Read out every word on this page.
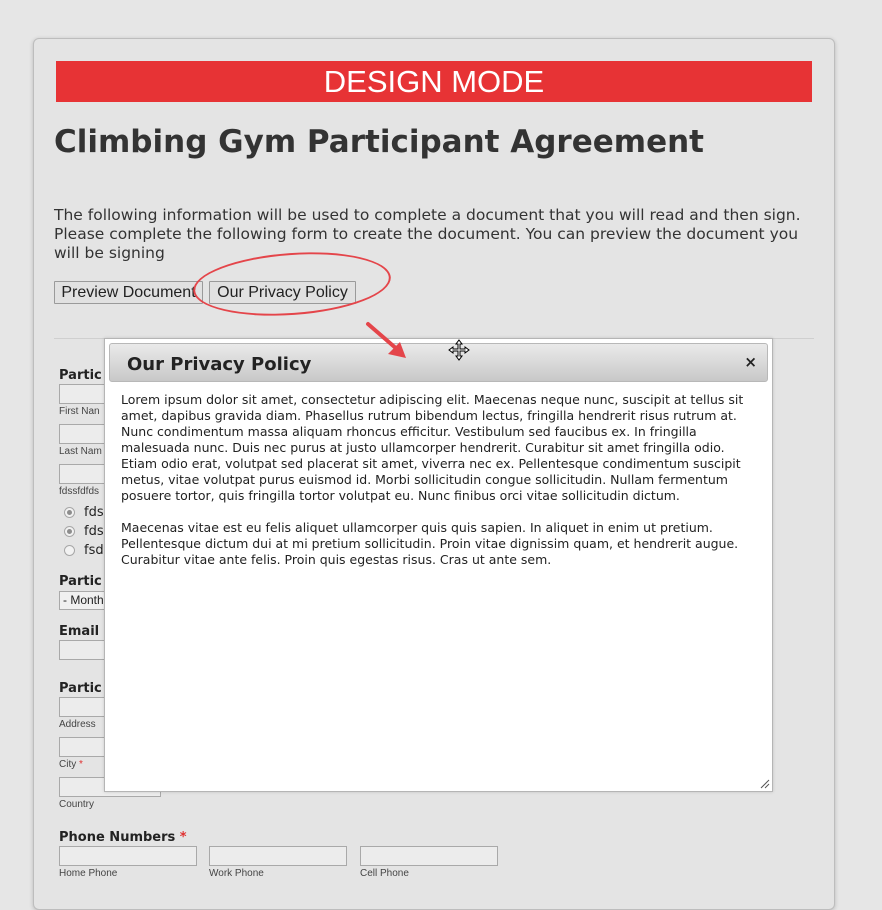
DESIGN MODE
Climbing Gym Participant Agreement

The following information will be used to complete a document that you will read and then sign. Please complete the following form to create the document. You can preview the document you will be signing

Preview Document	Our Privacy Policy
Partic
First Nan
Last Nam
fdssfdfds
fds
fds
fsd
Partic
- Month
Email
Partic
Address
City *
Country
Phone Numbers *
Home Phone	Work Phone	Cell Phone
Our Privacy Policy	×

Lorem ipsum dolor sit amet, consectetur adipiscing elit. Maecenas neque nunc, suscipit at tellus sit amet, dapibus gravida diam. Phasellus rutrum bibendum lectus, fringilla hendrerit risus rutrum at. Nunc condimentum massa aliquam rhoncus efficitur. Vestibulum sed faucibus ex. In fringilla malesuada nunc. Duis nec purus at justo ullamcorper hendrerit. Curabitur sit amet fringilla odio. Etiam odio erat, volutpat sed placerat sit amet, viverra nec ex. Pellentesque condimentum suscipit metus, vitae volutpat purus euismod id. Morbi sollicitudin congue sollicitudin. Nullam fermentum posuere tortor, quis fringilla tortor volutpat eu. Nunc finibus orci vitae sollicitudin dictum.

Maecenas vitae est eu felis aliquet ullamcorper quis quis sapien. In aliquet in enim ut pretium. Pellentesque dictum dui at mi pretium sollicitudin. Proin vitae dignissim quam, et hendrerit augue. Curabitur vitae ante felis. Proin quis egestas risus. Cras ut ante sem.
